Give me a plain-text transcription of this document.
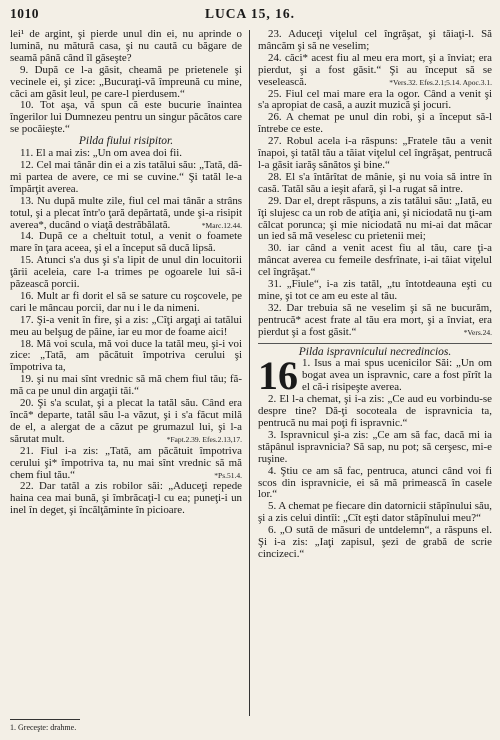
1010	LUCA 15, 16.

lei¹ de argint, şi pierde unul din ei, nu aprinde o lumină, nu mătură casa, şi nu caută cu băgare de seamă până când îl găseşte?

9. După ce l-a găsit, cheamă pe prietenele şi vecinele ei, şi zice: „Bucuraţi-vă împreună cu mine, căci am găsit leul, pe care-l pierdusem.“

10. Tot aşa, vă spun că este bucurie înaintea îngerilor lui Dumnezeu pentru un singur păcătos care se pocăieşte.“

Pilda fiului risipitor.

11. El a mai zis: „Un om avea doi fii.

12. Cel mai tânăr din ei a zis tatălui său: „Tată, dă-mi partea de avere, ce mi se cuvine.“ Şi tatăl le-a împărţit averea.

13. Nu după multe zile, fiul cel mai tânăr a strâns totul, şi a plecat într'o ţară depărtată, unde şi-a risipit averea*, ducând o viaţă destrăbălată.	*Marc.12.44.

14. După ce a cheltuit totul, a venit o foamete mare în ţara aceea, şi el a început să ducă lipsă.

15. Atunci s'a dus şi s'a lipit de unul din locuitorii ţării aceleia, care l-a trimes pe ogoarele lui să-i păzească porcii.

16. Mult ar fi dorit el să se sature cu roşcovele, pe cari le mâncau porcii, dar nu i le da nimeni.

17. Şi-a venit în fire, şi a zis: „Cîţi argaţi ai tatălui meu au belşug de pâine, iar eu mor de foame aici!

18. Mă voi scula, mă voi duce la tatăl meu, şi-i voi zice: „Tată, am păcătuit împotriva cerului şi împotriva ta,

19. şi nu mai sînt vrednic să mă chem fiul tău; fă-mă ca pe unul din argaţii tăi.“

20. Şi s'a sculat, şi a plecat la tatăl său. Când era încă* departe, tatăl său l-a văzut, şi i s'a făcut milă de el, a alergat de a căzut pe grumazul lui, şi l-a sărutat mult.	*Fapt.2.39. Efes.2.13,17.

21. Fiul i-a zis: „Tată, am păcătuit împotriva cerului şi* împotriva ta, nu mai sînt vrednic să mă chem fiul tău.“	*Ps.51.4.

22. Dar tatăl a zis robilor săi: „Aduceţi repede haina cea mai bună, şi îmbrăcaţi-l cu ea; puneţi-i un inel în deget, şi încălţăminte în picioare.

23. Aduceţi viţelul cel îngrăşat, şi tăiaţi-l. Să mâncăm şi să ne veselim;

24. căci* acest fiu al meu era mort, şi a înviat; era pierdut, şi a fost găsit.“ Şi au început să se veselească.	*Vers.32. Efes.2.1;5.14. Apoc.3.1.

25. Fiul cel mai mare era la ogor. Când a venit şi s'a apropiat de casă, a auzit muzică şi jocuri.

26. A chemat pe unul din robi, şi a început să-l întrebe ce este.

27. Robul acela i-a răspuns: „Fratele tău a venit înapoi, şi tatăl tău a tăiat viţelul cel îngrăşat, pentrucă l-a găsit iarăş sănătos şi bine.“

28. El s'a întărîtat de mânie, şi nu voia să intre în casă. Tatăl său a ieşit afară, şi l-a rugat să intre.

29. Dar el, drept răspuns, a zis tatălui său: „Iată, eu îţi slujesc ca un rob de atîţia ani, şi niciodată nu ţi-am călcat porunca; şi mie niciodată nu mi-ai dat măcar un ied să mă veselesc cu prietenii mei;

30. iar când a venit acest fiu al tău, care ţi-a mâncat averea cu femeile desfrînate, i-ai tăiat viţelul cel îngrăşat.“

31. „Fiule“, i-a zis tatăl, „tu întotdeauna eşti cu mine, şi tot ce am eu este al tău.

32. Dar trebuia să ne veselim şi să ne bucurăm, pentrucă* acest frate al tău era mort, şi a înviat, era pierdut şi a fost găsit.“	*Vers.24.

Pilda ispravnicului necredincios.

16 1. Isus a mai spus ucenicilor Săi: „Un om bogat avea un ispravnic, care a fost pîrît la el că-i risipeşte averea.

2. El l-a chemat, şi i-a zis: „Ce aud eu vorbindu-se despre tine? Dă-ţi socoteala de ispravnicia ta, pentrucă nu mai poţi fi ispravnic.“

3. Ispravnicul şi-a zis: „Ce am să fac, dacă mi ia stăpânul ispravnicia? Să sap, nu pot; să cerşesc, mi-e ruşine.

4. Ştiu ce am să fac, pentruca, atunci când voi fi scos din ispravnicie, ei să mă primească în casele lor.“

5. A chemat pe fiecare din datornicii stăpînului său, şi a zis celui dintîi: „Cît eşti dator stăpînului meu?“

6. „O sută de măsuri de untdelemn“, a răspuns el. Şi i-a zis: „Iaţi zapisul, şezi de grabă de scrie cincizeci.“

1. Greceşte: drahme.
